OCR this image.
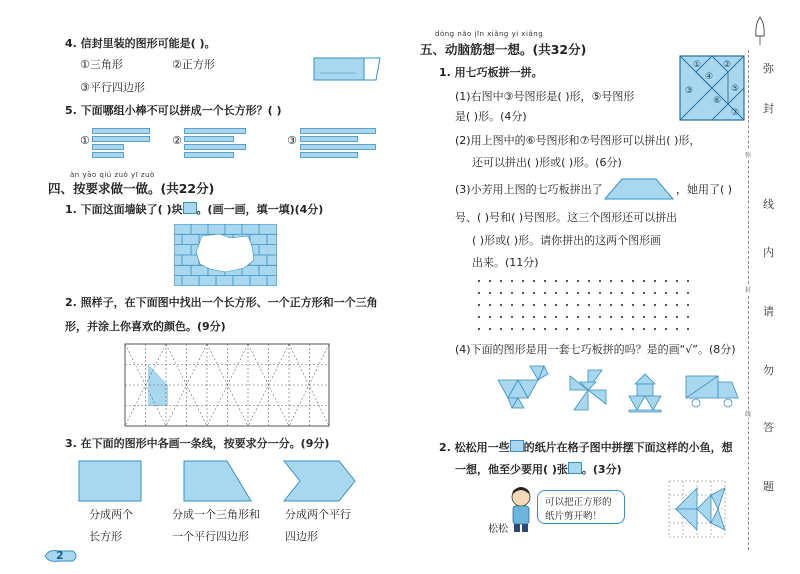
4. 信封里装的图形可能是( )。
①三角形	②正方形
③平行四边形
5. 下面哪组小棒不可以拼成一个长方形？( )
①	②	③
àn yāo qiú zuò yī zuò
四、按要求做一做。(共22分)
1. 下面这面墙缺了( )块 。(画一画，填一填)(4分)
2. 照样子，在下面图中找出一个长方形、一个正方形和一个三角
形，并涂上你喜欢的颜色。(9分)
3. 在下面的图形中各画一条线，按要求分一分。(9分)
分成两个
长方形
分成一个三角形和
一个平行四边形
分成两个平行
四边形
2
dòng nǎo jīn xiǎng yi xiǎng
五、动脑筋想一想。(共32分)
1. 用七巧板拼一拼。
(1)右图中③号图形是( )形，⑤号图形
是( )形。(4分)
① ②
③
④
⑤
⑥
⑦
(2)用上图中的⑥号图形和⑦号图形可以拼出( )形，
还可以拼出( )形或( )形。(6分)
(3)小芳用上图的七巧板拼出了	，她用了( )
号、( )号和( )号图形。这三个图形还可以拼出
( )形或( )形。请你拼出的这两个图形画
出来。(11分)
(4)下面的图形是用一套七巧板拼的吗？是的画“√”。(8分)
2. 松松用一些 的纸片在格子图中拼摆下面这样的小鱼，想
一想，他至少要用( )张 。(3分)
松松
可以把正方形的
纸片剪开哟！
弥
封
线
内
请
勿
答
题
弥
封
线
